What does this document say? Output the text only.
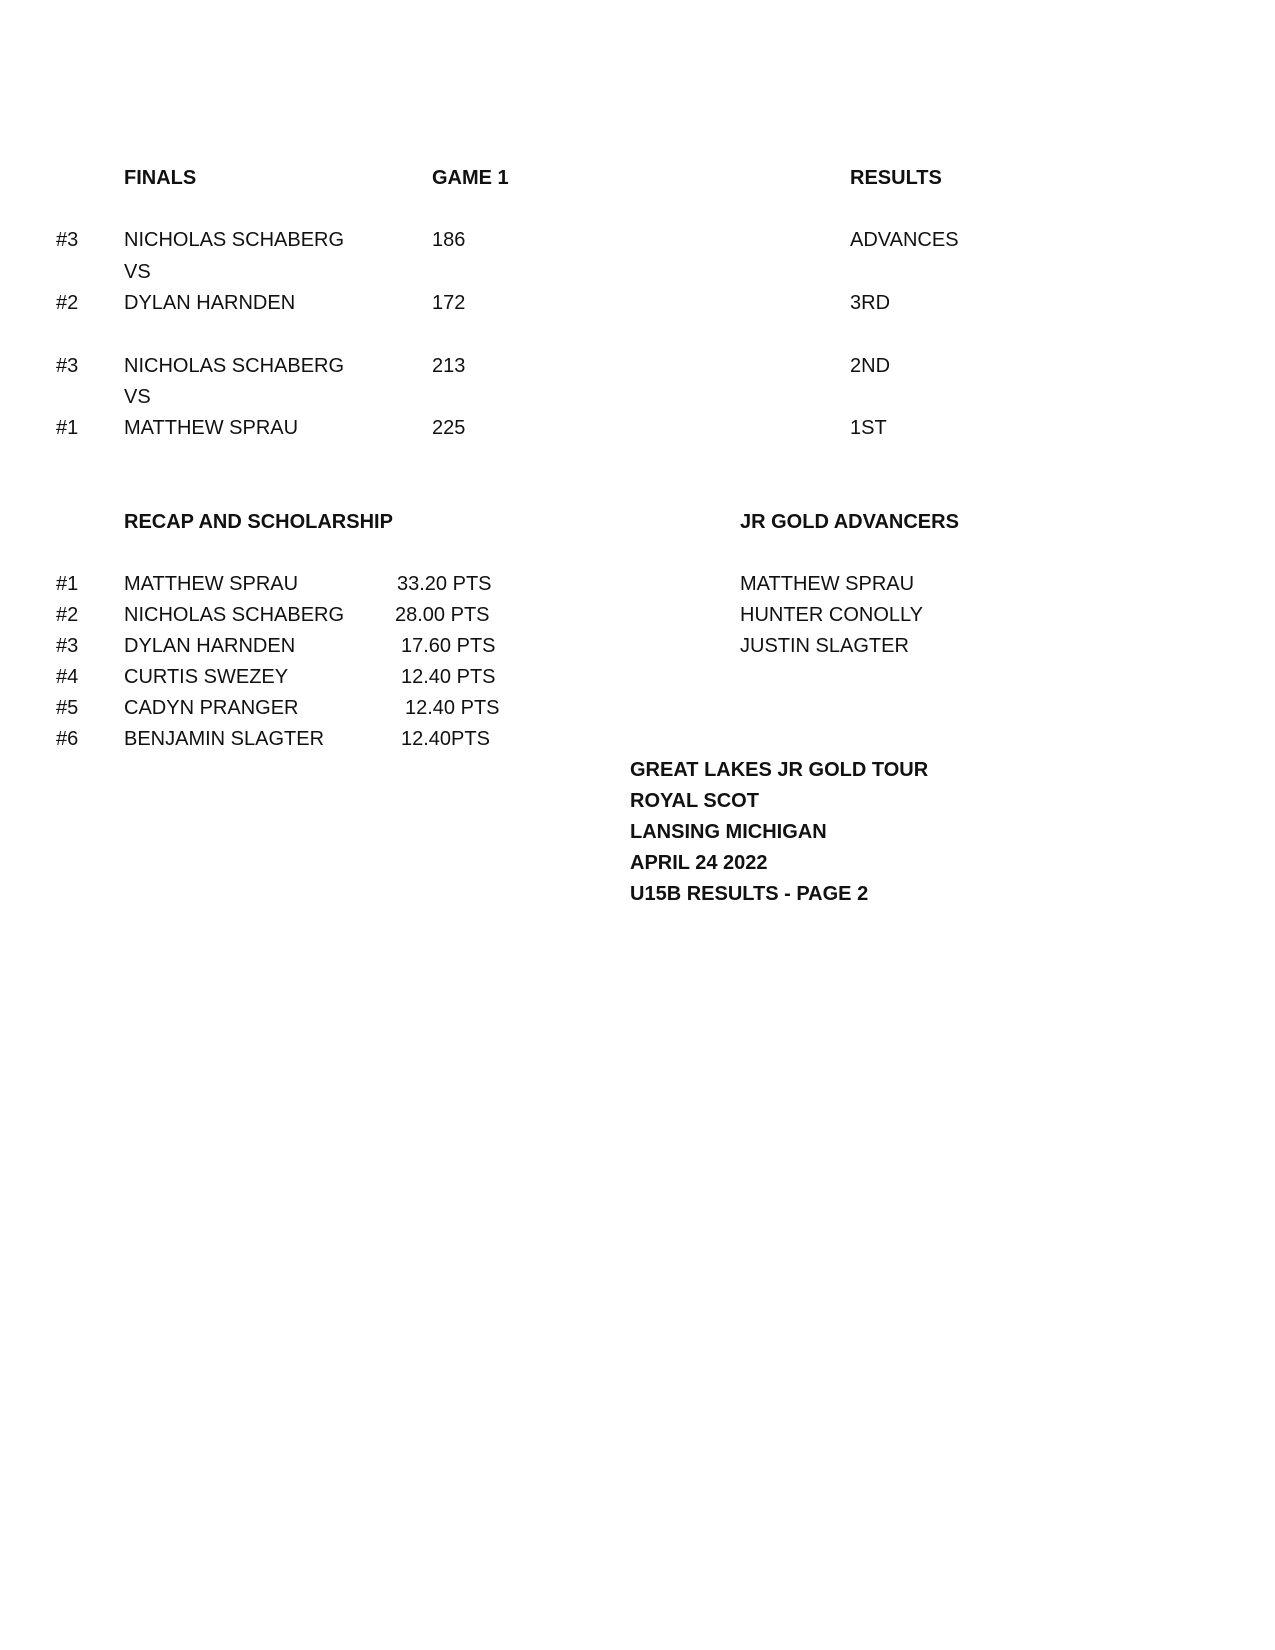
FINALS	GAME 1	RESULTS
#3 NICHOLAS SCHABERG	186	ADVANCES
VS
#2 DYLAN HARNDEN	172	3RD
#3 NICHOLAS SCHABERG	213	2ND
VS
#1 MATTHEW SPRAU	225	1ST
RECAP AND SCHOLARSHIP
#1 MATTHEW SPRAU	33.20 PTS
#2 NICHOLAS SCHABERG	28.00 PTS
#3 DYLAN HARNDEN	17.60 PTS
#4 CURTIS SWEZEY	12.40 PTS
#5 CADYN PRANGER	12.40 PTS
#6 BENJAMIN SLAGTER	12.40PTS
JR GOLD ADVANCERS
MATTHEW SPRAU
HUNTER CONOLLY
JUSTIN SLAGTER
GREAT LAKES JR GOLD TOUR
ROYAL SCOT
LANSING MICHIGAN
APRIL 24 2022
U15B RESULTS - PAGE 2
